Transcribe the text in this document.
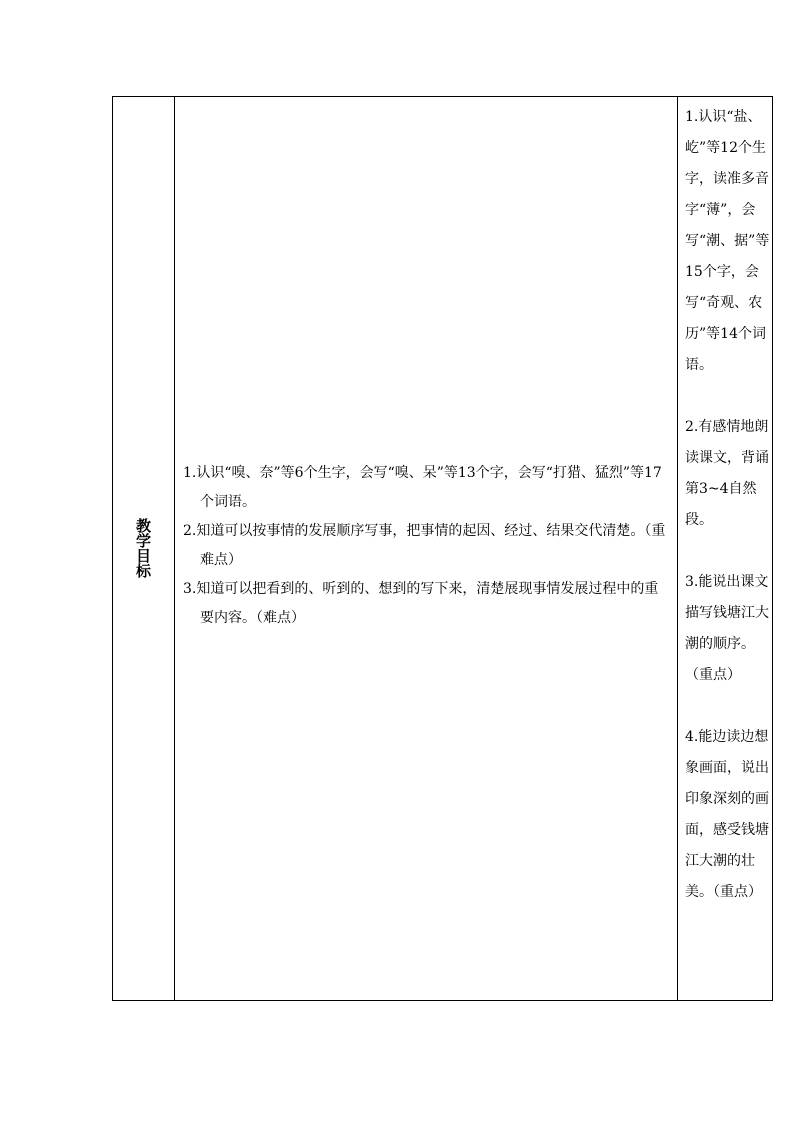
教学目标
1.认识“嗅、奈”等6个生字，会写“嗅、呆”等13个字，会写“打猎、猛烈”等17个词语。
2.知道可以按事情的发展顺序写事，把事情的起因、经过、结果交代清楚。（重难点）
3.知道可以把看到的、听到的、想到的写下来，清楚展现事情发展过程中的重要内容。（难点）
1.认识“盐、屹”等12个生字，读准多音字“薄”，会写“潮、据”等15个字，会写“奇观、农历”等14个词语。
2.有感情地朗读课文，背诵第3~4自然段。
3.能说出课文描写钱塘江大潮的顺序。（重点）
4.能边读边想象画面，说出印象深刻的画面，感受钱塘江大潮的壮美。（重点）
